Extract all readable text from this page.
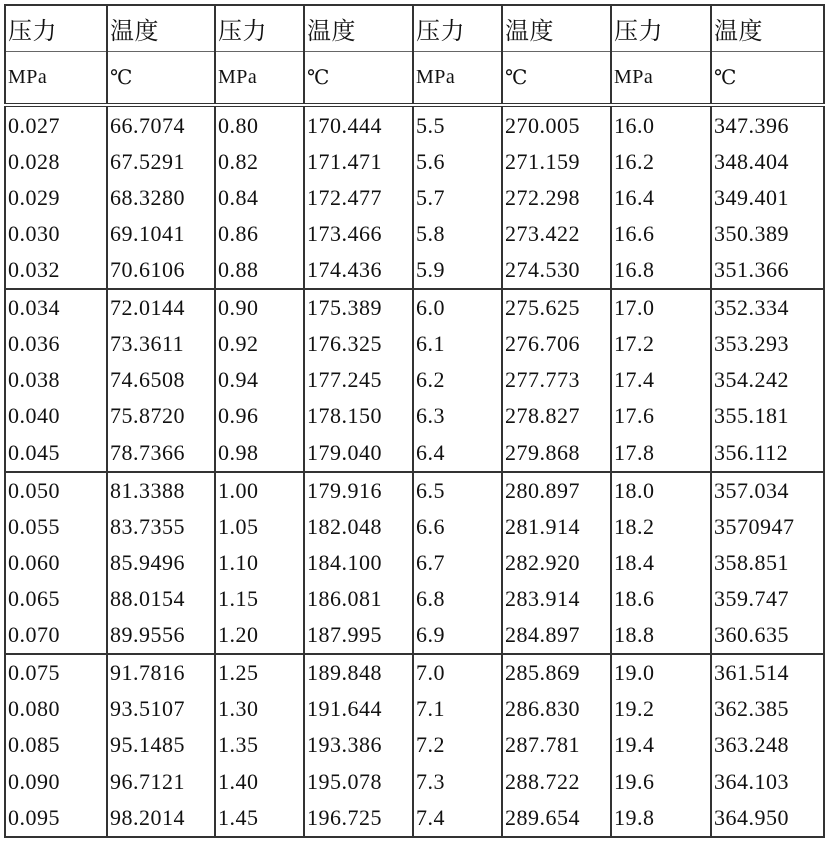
压力	温度	压力	温度	压力	温度	压力	温度
MPa	℃	MPa	℃	MPa	℃	MPa	℃
0.027	66.7074	0.80	170.444	5.5	270.005	16.0	347.396
0.028	67.5291	0.82	171.471	5.6	271.159	16.2	348.404
0.029	68.3280	0.84	172.477	5.7	272.298	16.4	349.401
0.030	69.1041	0.86	173.466	5.8	273.422	16.6	350.389
0.032	70.6106	0.88	174.436	5.9	274.530	16.8	351.366
0.034	72.0144	0.90	175.389	6.0	275.625	17.0	352.334
0.036	73.3611	0.92	176.325	6.1	276.706	17.2	353.293
0.038	74.6508	0.94	177.245	6.2	277.773	17.4	354.242
0.040	75.8720	0.96	178.150	6.3	278.827	17.6	355.181
0.045	78.7366	0.98	179.040	6.4	279.868	17.8	356.112
0.050	81.3388	1.00	179.916	6.5	280.897	18.0	357.034
0.055	83.7355	1.05	182.048	6.6	281.914	18.2	3570947
0.060	85.9496	1.10	184.100	6.7	282.920	18.4	358.851
0.065	88.0154	1.15	186.081	6.8	283.914	18.6	359.747
0.070	89.9556	1.20	187.995	6.9	284.897	18.8	360.635
0.075	91.7816	1.25	189.848	7.0	285.869	19.0	361.514
0.080	93.5107	1.30	191.644	7.1	286.830	19.2	362.385
0.085	95.1485	1.35	193.386	7.2	287.781	19.4	363.248
0.090	96.7121	1.40	195.078	7.3	288.722	19.6	364.103
0.095	98.2014	1.45	196.725	7.4	289.654	19.8	364.950
